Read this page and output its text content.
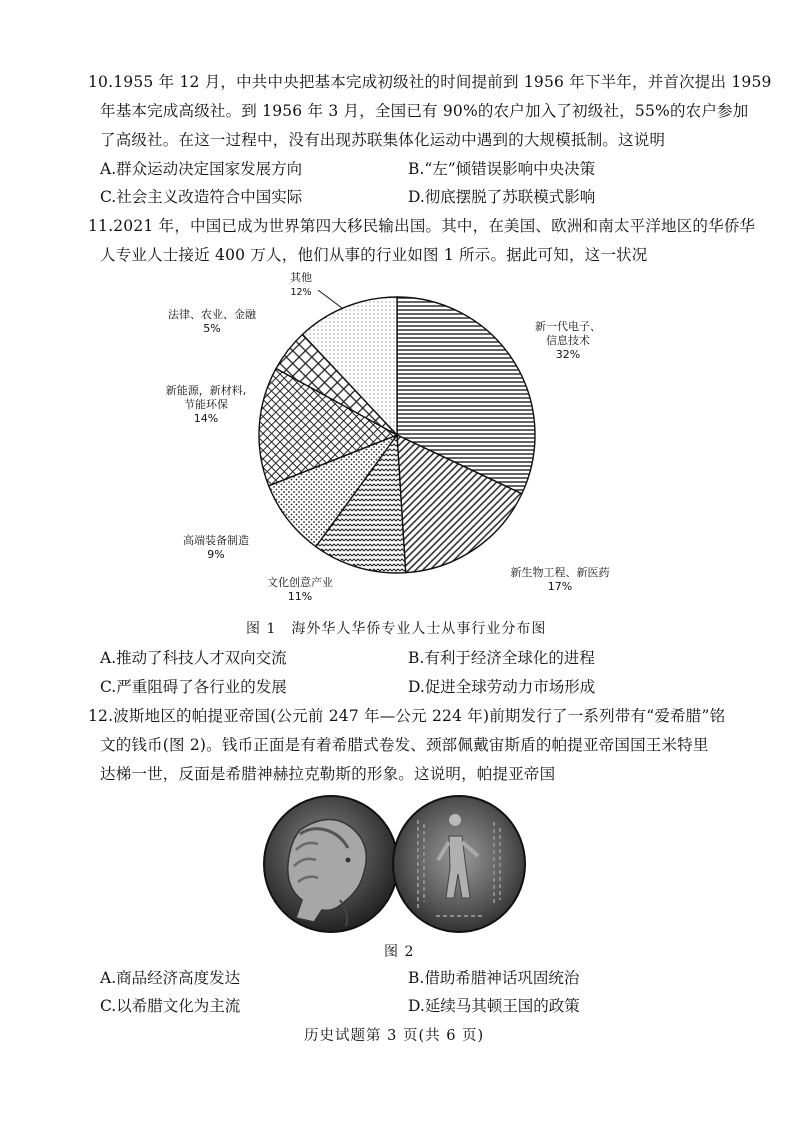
10.1955 年 12 月，中共中央把基本完成初级社的时间提前到 1956 年下半年，并首次提出 1959
年基本完成高级社。到 1956 年 3 月，全国已有 90%的农户加入了初级社，55%的农户参加
了高级社。在这一过程中，没有出现苏联集体化运动中遇到的大规模抵制。这说明
A.群众运动决定国家发展方向	B.“左”倾错误影响中央决策
C.社会主义改造符合中国实际	D.彻底摆脱了苏联模式影响
11.2021 年，中国已成为世界第四大移民输出国。其中，在美国、欧洲和南太平洋地区的华侨华
人专业人士接近 400 万人，他们从事的行业如图 1 所示。据此可知，这一状况
新一代电子、
信息技术
32%
新生物工程、新医药
17%
文化创意产业
11%
高端装备制造
9%
新能源，新材料,
节能环保
14%
法律、农业、金融
5%
其他
12%
图 1　海外华人华侨专业人士从事行业分布图
A.推动了科技人才双向交流	B.有利于经济全球化的进程
C.严重阻碍了各行业的发展	D.促进全球劳动力市场形成
12.波斯地区的帕提亚帝国(公元前 247 年—公元 224 年)前期发行了一系列带有“爱希腊”铭
文的钱币(图 2)。钱币正面是有着希腊式卷发、颈部佩戴宙斯盾的帕提亚帝国国王米特里
达梯一世，反面是希腊神赫拉克勒斯的形象。这说明，帕提亚帝国
图 2
A.商品经济高度发达	B.借助希腊神话巩固统治
C.以希腊文化为主流	D.延续马其顿王国的政策
历史试题第 3 页(共 6 页)
